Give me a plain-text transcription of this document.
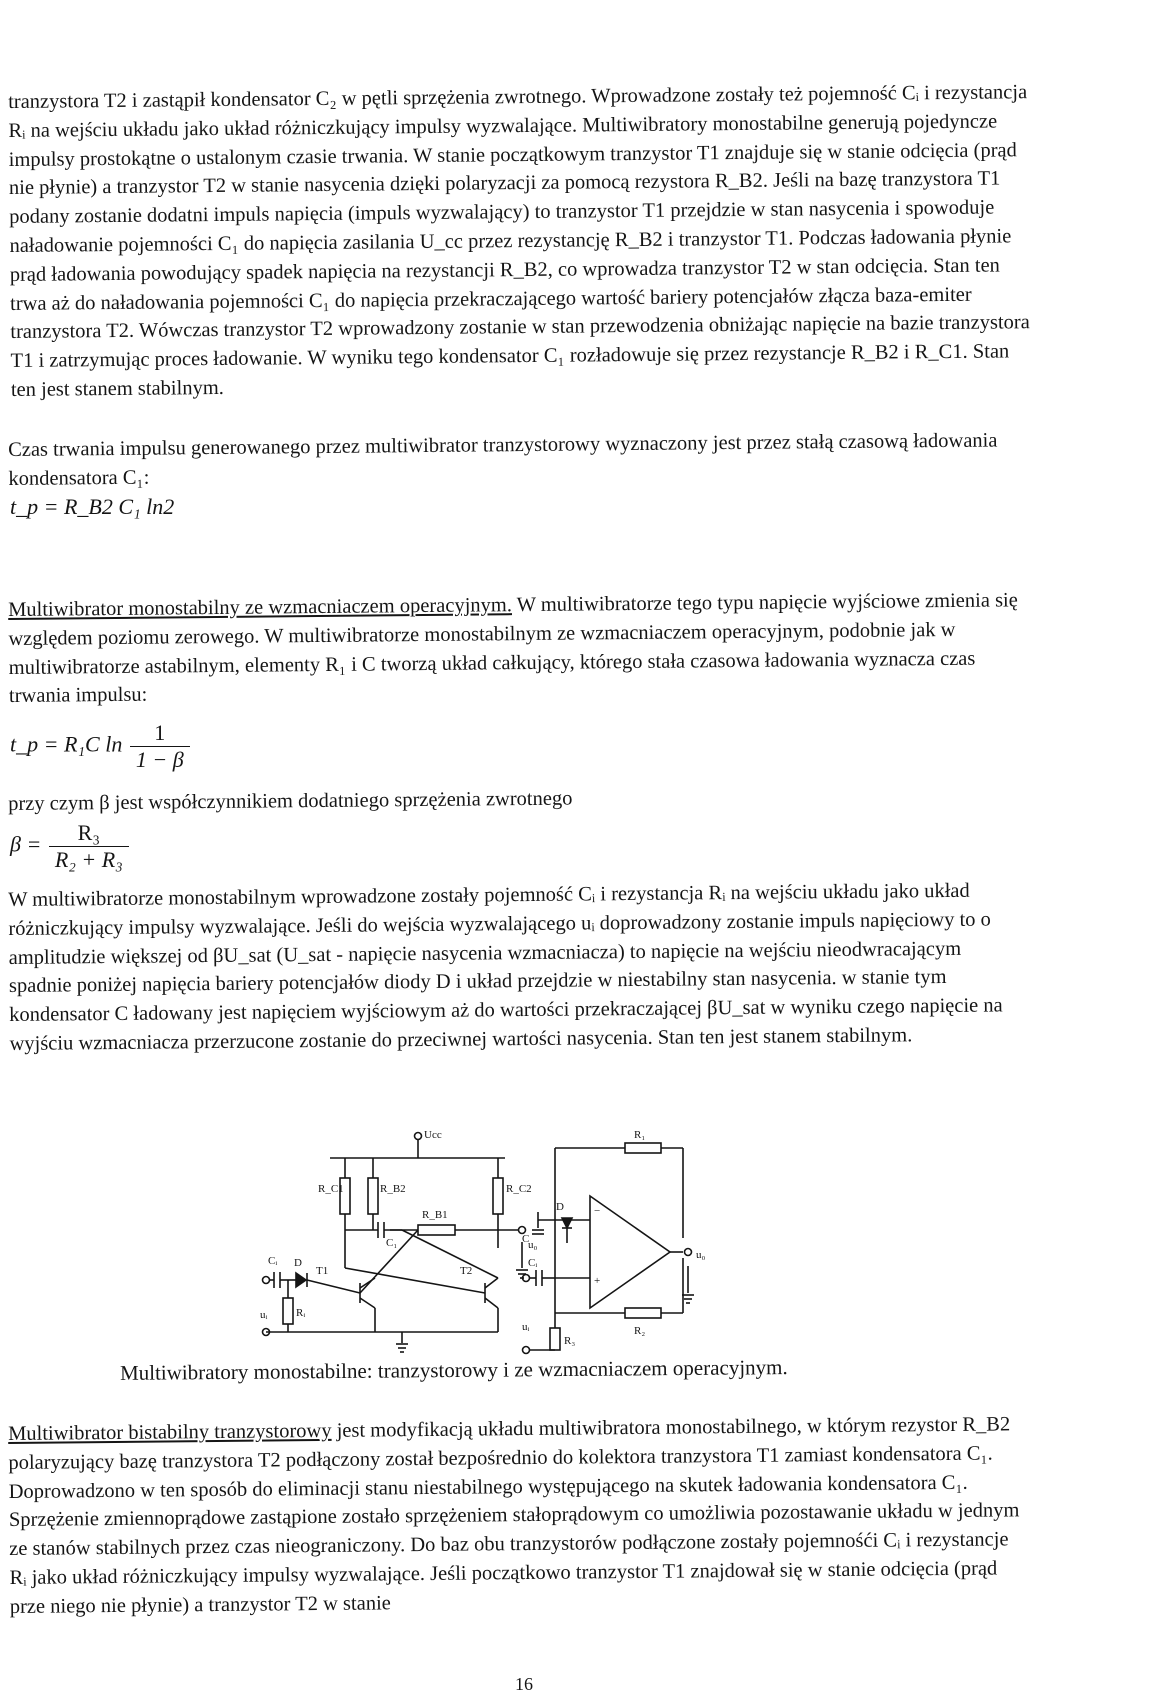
tranzystora T2 i zastąpił kondensator C₂ w pętli sprzężenia zwrotnego. Wprowadzone zostały też pojemność Cᵢ i rezystancja Rᵢ na wejściu układu jako układ różniczkujący impulsy wyzwalające. Multiwibratory monostabilne generują pojedyncze impulsy prostokątne o ustalonym czasie trwania. W stanie początkowym tranzystor T1 znajduje się w stanie odcięcia (prąd nie płynie) a tranzystor T2 w stanie nasycenia dzięki polaryzacji za pomocą rezystora R_B2. Jeśli na bazę tranzystora T1 podany zostanie dodatni impuls napięcia (impuls wyzwalający) to tranzystor T1 przejdzie w stan nasycenia i spowoduje naładowanie pojemności C₁ do napięcia zasilania U_cc przez rezystancję R_B2 i tranzystor T1. Podczas ładowania płynie prąd ładowania powodujący spadek napięcia na rezystancji R_B2, co wprowadza tranzystor T2 w stan odcięcia. Stan ten trwa aż do naładowania pojemności C₁ do napięcia przekraczającego wartość bariery potencjałów złącza baza-emiter tranzystora T2. Wówczas tranzystor T2 wprowadzony zostanie w stan przewodzenia obniżając napięcie na bazie tranzystora T1 i zatrzymując proces ładowanie. W wyniku tego kondensator C₁ rozładowuje się przez rezystancje R_B2 i R_C1. Stan ten jest stanem stabilnym.
Czas trwania impulsu generowanego przez multiwibrator tranzystorowy wyznaczony jest przez stałą czasową ładowania kondensatora C₁:
t_p = R_B2 C₁ ln2
Multiwibrator monostabilny ze wzmacniaczem operacyjnym. W multiwibratorze tego typu napięcie wyjściowe zmienia się względem poziomu zerowego. W multiwibratorze monostabilnym ze wzmacniaczem operacyjnym, podobnie jak w multiwibratorze astabilnym, elementy R₁ i C tworzą układ całkujący, którego stała czasowa ładowania wyznacza czas trwania impulsu:
t_p = R₁C $\ln \frac{1}{1 - \beta}$
przy czym β jest współczynnikiem dodatniego sprzężenia zwrotnego
$\beta = \frac{\text{R₃}}{\text{R₂ + R₃}}$
W multiwibratorze monostabilnym wprowadzone zostały pojemność Cᵢ i rezystancja Rᵢ na wejściu układu jako układ różniczkujący impulsy wyzwalające. Jeśli do wejścia wyzwalającego uᵢ doprowadzony zostanie impuls napięciowy to o amplitudzie większej od βU_sat (U_sat - napięcie nasycenia wzmacniacza) to napięcie na wejściu nieodwracającym spadnie poniżej napięcia bariery potencjałów diody D i układ przejdzie w niestabilny stan nasycenia. w stanie tym kondensator C ładowany jest napięciem wyjściowym aż do wartości przekraczającej βU_sat w wyniku czego napięcie na wyjściu wzmacniacza przerzucone zostanie do przeciwnej wartości nasycenia. Stan ten jest stanem stabilnym.
Ucc
R_C1	R_B2
R_B1
R_C2
C₁
Cᵢ D
T1	T2
Rᵢ
uᵢ
u₀
R₁
D
C
Cᵢ
−
+
u₀
R₂
R₃
uᵢ
Multiwibratory monostabilne: tranzystorowy i ze wzmacniaczem operacyjnym.
Multiwibrator bistabilny tranzystorowy jest modyfikacją układu multiwibratora monostabilnego, w którym rezystor R_B2 polaryzujący bazę tranzystora T2 podłączony został bezpośrednio do kolektora tranzystora T1 zamiast kondensatora C₁. Doprowadzono w ten sposób do eliminacji stanu niestabilnego występującego na skutek ładowania kondensatora C₁. Sprzężenie zmiennoprądowe zastąpione zostało sprzężeniem stałoprądowym co umożliwia pozostawanie układu w jednym ze stanów stabilnych przez czas nieograniczony. Do baz obu tranzystorów podłączone zostały pojemnośći Cᵢ i rezystancje Rᵢ jako układ różniczkujący impulsy wyzwalające. Jeśli początkowo tranzystor T1 znajdował się w stanie odcięcia (prąd prze niego nie płynie) a tranzystor T2 w stanie
16
